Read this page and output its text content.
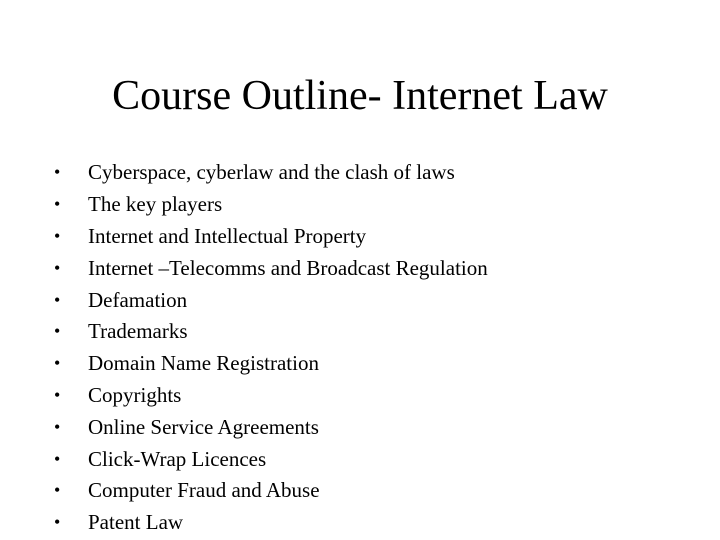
Course Outline- Internet Law
•	Cyberspace, cyberlaw and the clash of laws
•	The key players
•	Internet and Intellectual Property
•	Internet –Telecomms and Broadcast Regulation
•	Defamation
•	Trademarks
•	Domain Name Registration
•	Copyrights
•	Online Service Agreements
•	Click-Wrap Licences
•	Computer Fraud and Abuse
•	Patent Law
